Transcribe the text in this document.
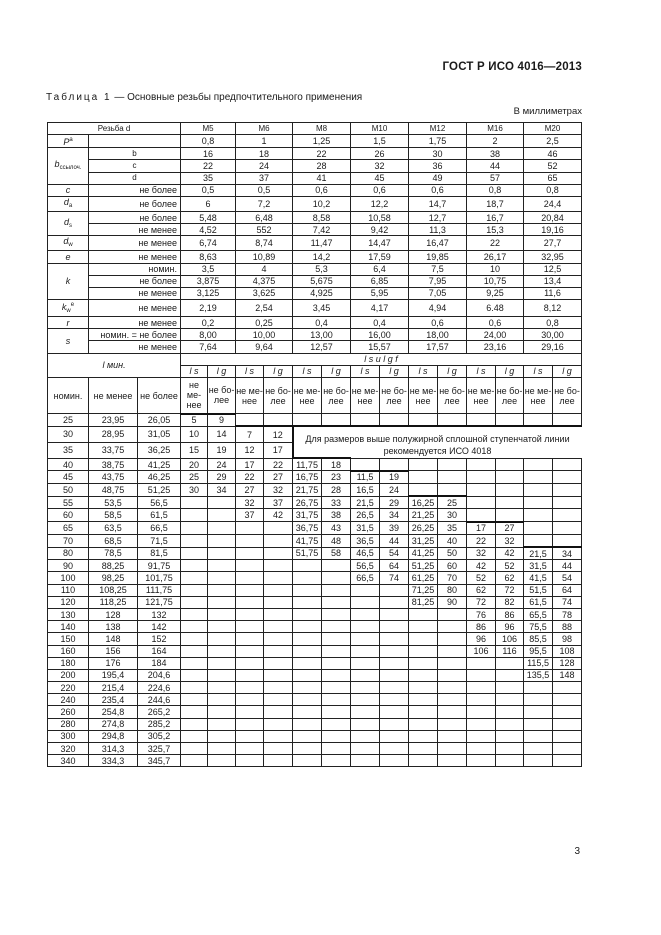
ГОСТ Р ИСО 4016—2013
Таблица 1 — Основные резьбы предпочтительного применения
В миллиметрах
Резьба d			M5		M6		M8		M10		M12		M16		M20	
$P^a$			0,8		1		1,25		1,5		1,75		2		2,5	
$b_{ссылоч.}$	b		16		18		22		26		30		38		46	
	c		22		24		28		32		36		44		52	
	d		35		37		41		45		49		57		65	
c	не более		0,5		0,5		0,6		0,6		0,6		0,8		0,8	
$d_a$	не более		6		7,2		10,2		12,2		14,7		18,7		24,4	
$d_s$	не более		5,48		6,48		8,58		10,58		12,7		16,7		20,84	
	не менее		4,52		552		7,42		9,42		11,3		15,3		19,16	
$d_w$	не менее		6,74		8,74		11,47		14,47		16,47		22		27,7	
e	не менее		8,63		10,89		14,2		17,59		19,85		26,17		32,95	
k	номин.		3,5		4		5,3		6,4		7,5		10		12,5	
	не более		3,875		4,375		5,675		6,85		7,95		10,75		13,4	
	не менее		3,125		3,625		4,925		5,95		7,05		9,25		11,6	
$k_w^e$	не менее		2,19		2,54		3,45		4,17		4,94		6.48		8,12	
r	не менее		0,2		0,25		0,4		0,4		0,6		0,6		0,8	
s	номин. = не более		8,00		10,00		13,00		16,00		18,00		24,00		30,00	
	не менее		7,64		9,64		12,57		15,57		17,57		23,16		29,16	
l мин.			l s и l g f													
			l s	l g	l s	l g	l s	l g	l s	l g	l s	l g	l s	l g	l s	l g
номин.	не менее	не более	не ме- нее	не бо- лее	не ме- нее	не бо- лее	не ме- нее	не бо- лее	не ме- нее	не бо- лее	не ме- нее	не бо- лее	не ме- нее	не бо- лее	не ме- нее	не бо- лее
25	23,95	26,05	5	9												
30	28,95	31,05	10	14	7	12	Для размеров выше полужирной сплошной ступенчатой линии рекомендуется ИСО 4018									
35	33,75	36,25	15	19	12	17										
40	38,75	41,25	20	24	17	22	11,75	18								
45	43,75	46,25	25	29	22	27	16,75	23	11,5	19						
50	48,75	51,25	30	34	27	32	21,75	28	16,5	24						
55	53,5	56,5			32	37	26,75	33	21,5	29	16,25	25				
60	58,5	61,5			37	42	31,75	38	26,5	34	21,25	30				
65	63,5	66,5					36,75	43	31,5	39	26,25	35	17	27		
70	68,5	71,5					41,75	48	36,5	44	31,25	40	22	32		
80	78,5	81,5					51,75	58	46,5	54	41,25	50	32	42	21,5	34
90	88,25	91,75							56,5	64	51,25	60	42	52	31,5	44
100	98,25	101,75							66,5	74	61,25	70	52	62	41,5	54
110	108,25	111,75									71,25	80	62	72	51,5	64
120	118,25	121,75									81,25	90	72	82	61,5	74
130	128	132											76	86	65,5	78
140	138	142											86	96	75,5	88
150	148	152											96	106	85,5	98
160	156	164											106	116	95,5	108
180	176	184													115,5	128
200	195,4	204,6													135,5	148
220	215,4	224,6														
240	235,4	244,6														
260	254,8	265,2														
280	274,8	285,2														
300	294,8	305,2														
320	314,3	325,7														
340	334,3	345,7														
3
